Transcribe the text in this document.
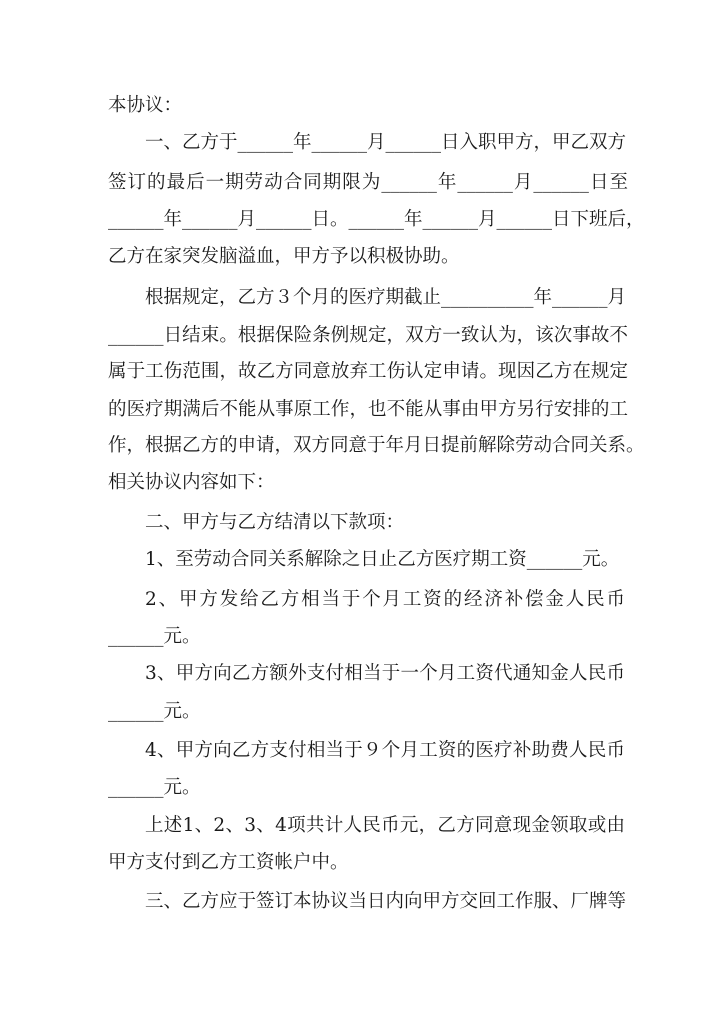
本协议：
一、乙方于______年______月______日入职甲方，甲乙双方
签订的最后一期劳动合同期限为______年______月______日至
______年______月______日。______年______月______日下班后，
乙方在家突发脑溢血，甲方予以积极协助。
根据规定，乙方３个月的医疗期截止__________年______月
______日结束。根据保险条例规定，双方一致认为，该次事故不
属于工伤范围，故乙方同意放弃工伤认定申请。现因乙方在规定
的医疗期满后不能从事原工作，也不能从事由甲方另行安排的工
作，根据乙方的申请，双方同意于年月日提前解除劳动合同关系。
相关协议内容如下：
二、甲方与乙方结清以下款项：
1、至劳动合同关系解除之日止乙方医疗期工资______元。
2、甲方发给乙方相当于个月工资的经济补偿金人民币
______元。
3、甲方向乙方额外支付相当于一个月工资代通知金人民币
______元。
4、甲方向乙方支付相当于９个月工资的医疗补助费人民币
______元。
上述1、2、3、4项共计人民币元，乙方同意现金领取或由
甲方支付到乙方工资帐户中。
三、乙方应于签订本协议当日内向甲方交回工作服、厂牌等
